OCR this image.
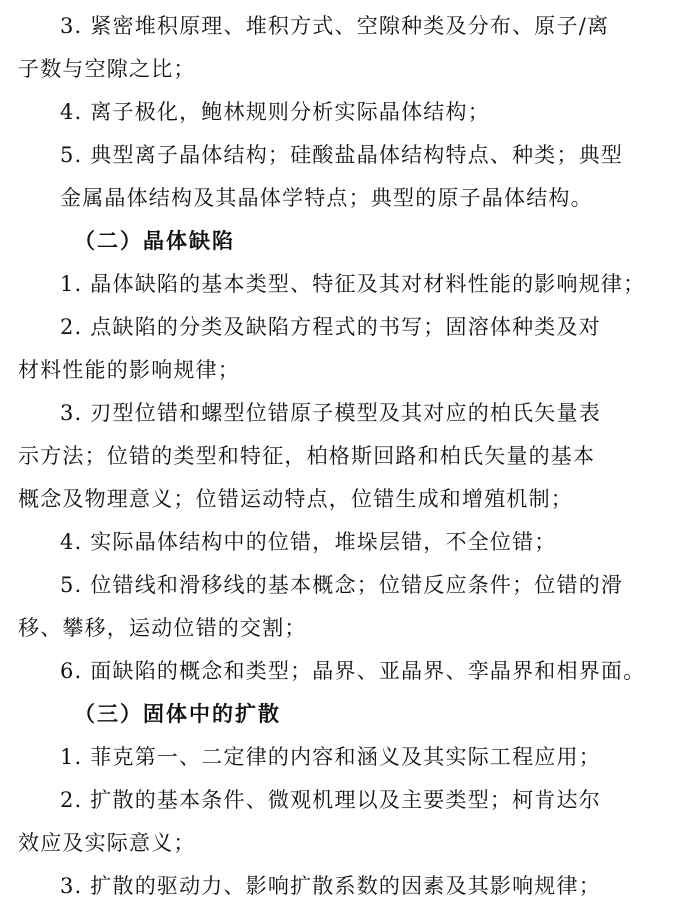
3. 紧密堆积原理、堆积方式、空隙种类及分布、原子/离
子数与空隙之比；
4. 离子极化，鲍林规则分析实际晶体结构；
5. 典型离子晶体结构；硅酸盐晶体结构特点、种类；典型
金属晶体结构及其晶体学特点；典型的原子晶体结构。
（二）晶体缺陷
1. 晶体缺陷的基本类型、特征及其对材料性能的影响规律；
2. 点缺陷的分类及缺陷方程式的书写；固溶体种类及对
材料性能的影响规律；
3. 刃型位错和螺型位错原子模型及其对应的柏氏矢量表
示方法；位错的类型和特征，柏格斯回路和柏氏矢量的基本
概念及物理意义；位错运动特点，位错生成和增殖机制；
4. 实际晶体结构中的位错，堆垛层错，不全位错；
5. 位错线和滑移线的基本概念；位错反应条件；位错的滑
移、攀移，运动位错的交割；
6. 面缺陷的概念和类型；晶界、亚晶界、孪晶界和相界面。
（三）固体中的扩散
1. 菲克第一、二定律的内容和涵义及其实际工程应用；
2. 扩散的基本条件、微观机理以及主要类型；柯肯达尔
效应及实际意义；
3. 扩散的驱动力、影响扩散系数的因素及其影响规律；
